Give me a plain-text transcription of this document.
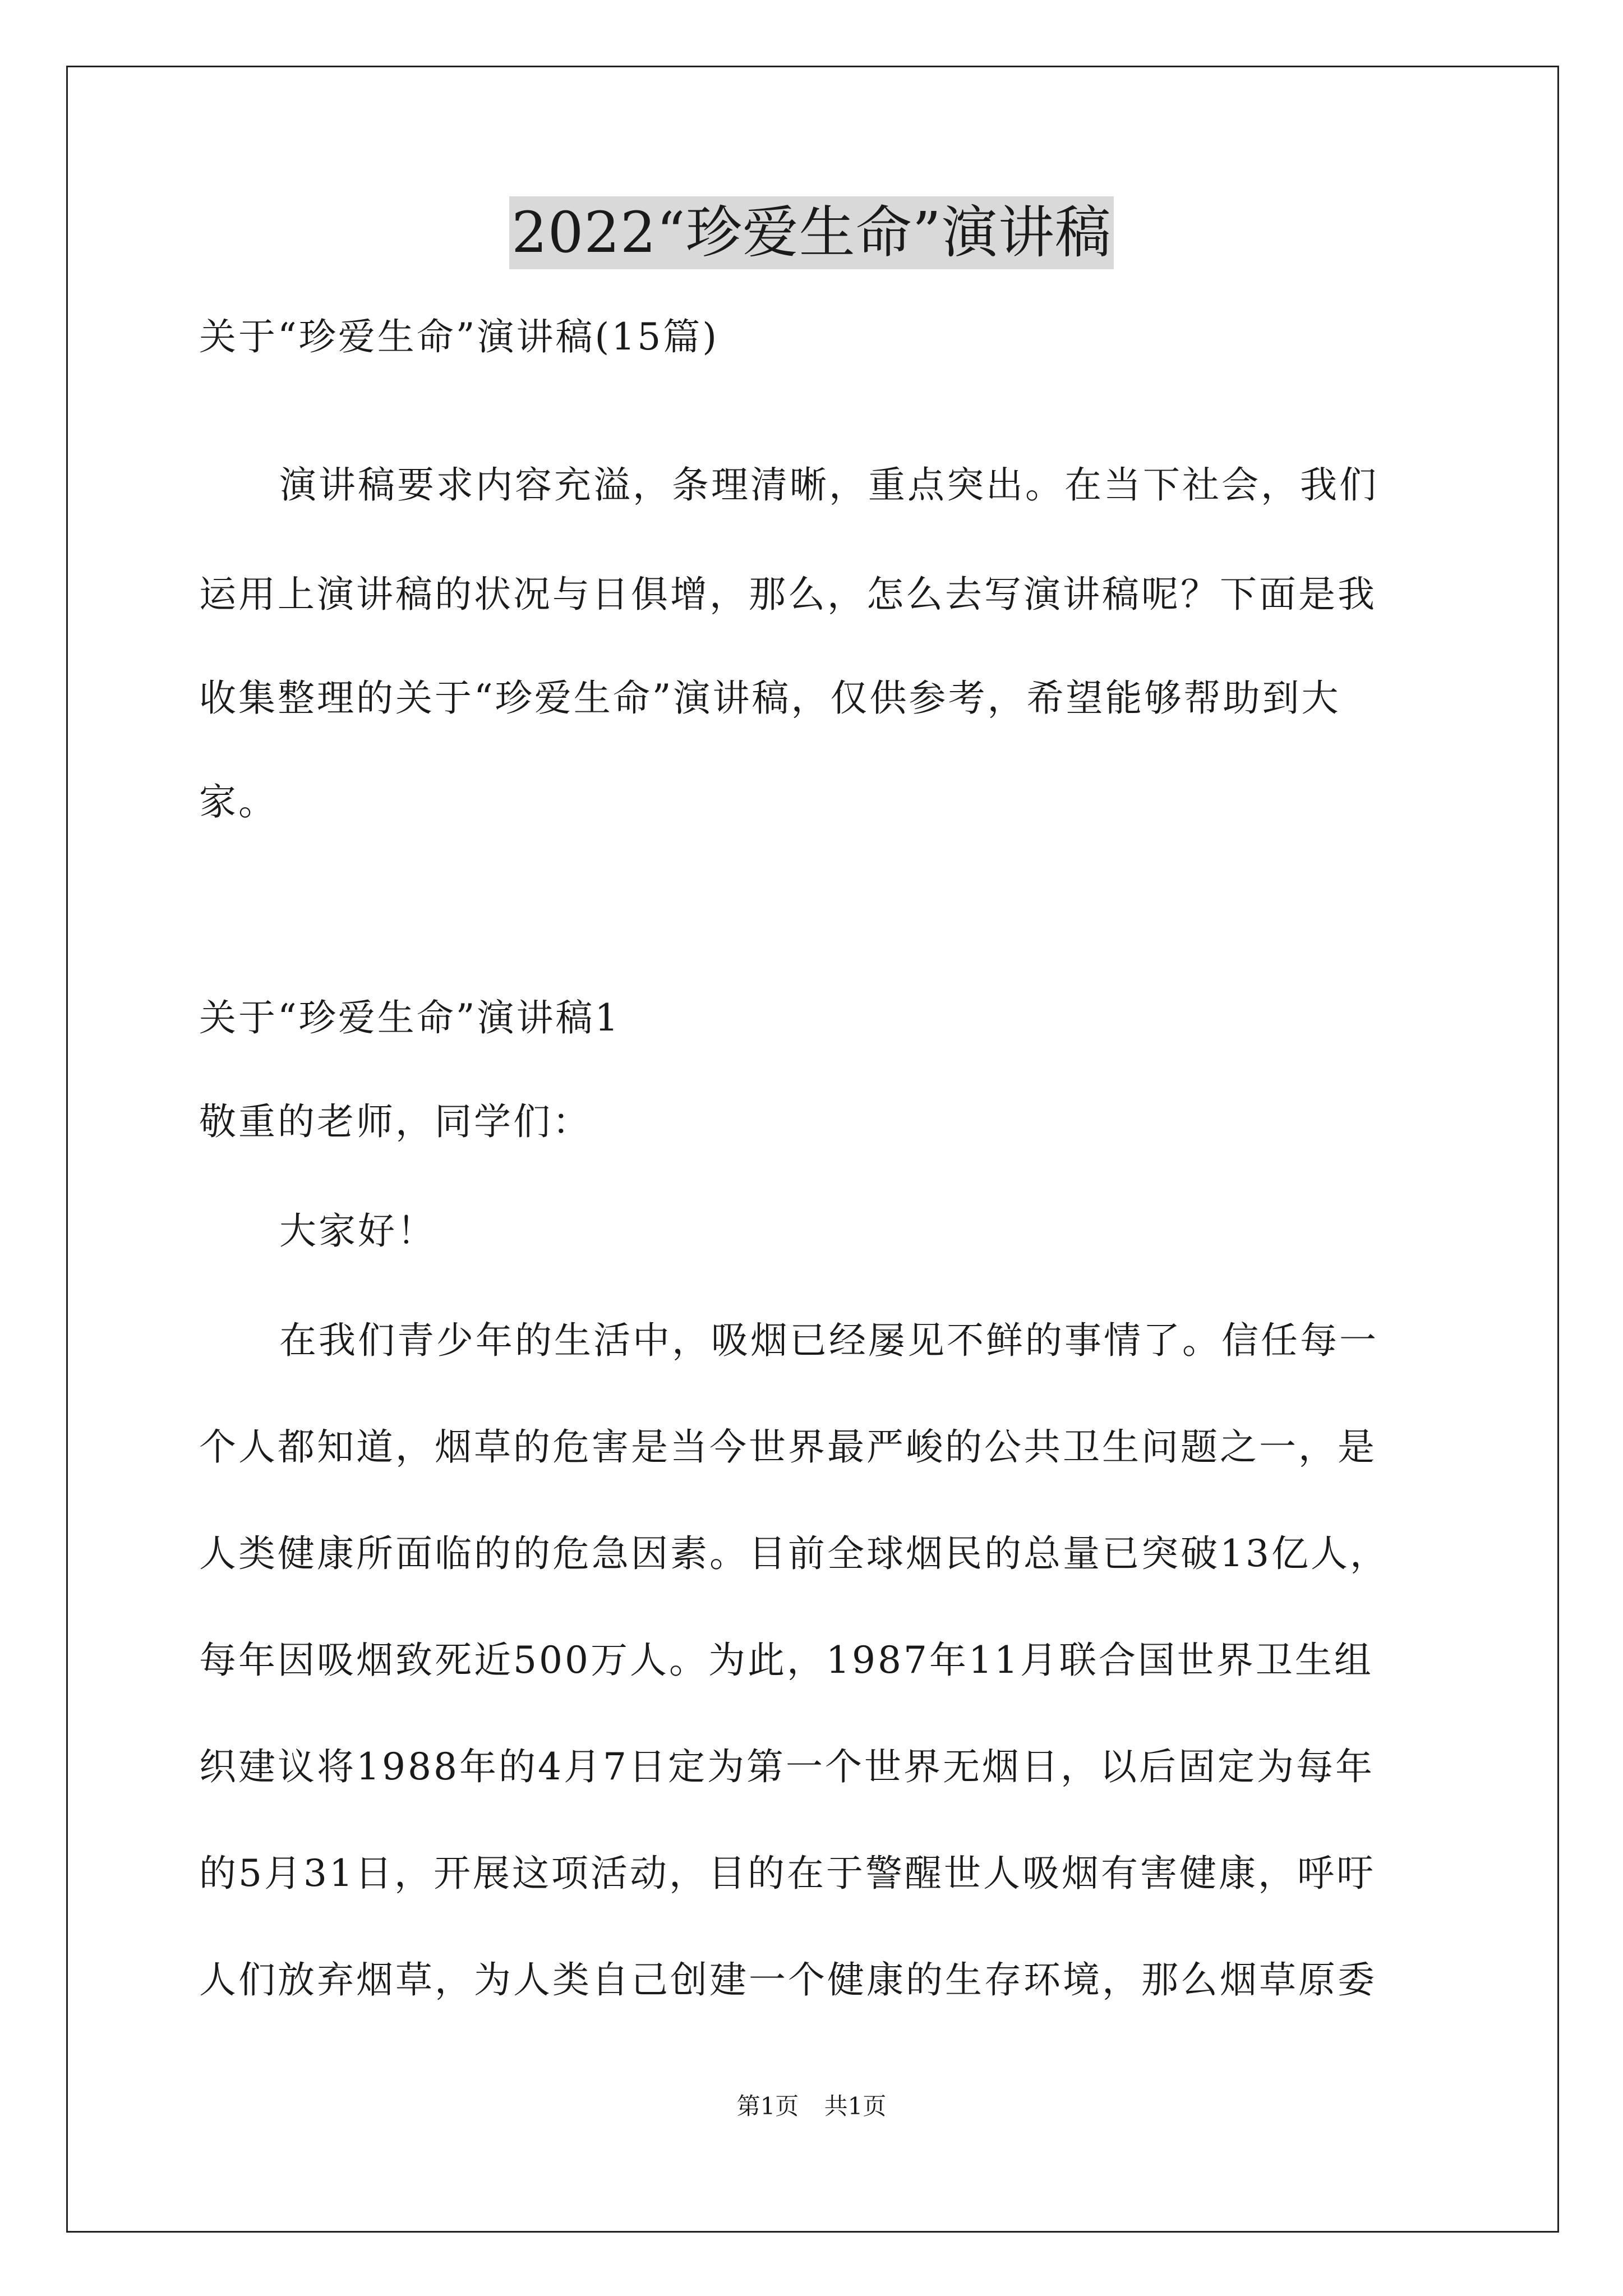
2022“珍爱生命”演讲稿
关于“珍爱生命”演讲稿(15篇)
演讲稿要求内容充溢，条理清晰，重点突出。在当下社会，我们
运用上演讲稿的状况与日俱增，那么，怎么去写演讲稿呢？下面是我
收集整理的关于“珍爱生命”演讲稿，仅供参考，希望能够帮助到大
家。
关于“珍爱生命”演讲稿1
敬重的老师，同学们：
大家好！
在我们青少年的生活中，吸烟已经屡见不鲜的事情了。信任每一
个人都知道，烟草的危害是当今世界最严峻的公共卫生问题之一，是
人类健康所面临的的危急因素。目前全球烟民的总量已突破13亿人，
每年因吸烟致死近500万人。为此，1987年11月联合国世界卫生组
织建议将1988年的4月7日定为第一个世界无烟日，以后固定为每年
的5月31日，开展这项活动，目的在于警醒世人吸烟有害健康，呼吁
人们放弃烟草，为人类自己创建一个健康的生存环境，那么烟草原委
第1页 共1页
